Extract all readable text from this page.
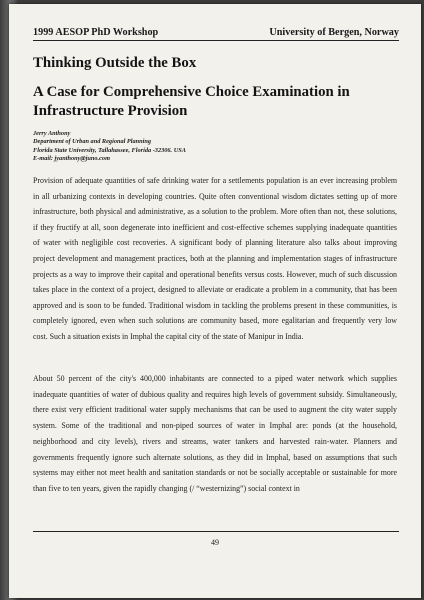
1999 AESOP PhD Workshop	University of Bergen, Norway
Thinking Outside the Box
A Case for Comprehensive Choice Examination in Infrastructure Provision
Jerry Anthony
Department of Urban and Regional Planning
Florida State University, Tallahassee, Florida -32306. USA
E-mail: jyanthony@juno.com
Provision of adequate quantities of safe drinking water for a settlements population is an ever increasing problem in all urbanizing contexts in developing countries. Quite often conventional wisdom dictates setting up of more infrastructure, both physical and administrative, as a solution to the problem. More often than not, these solutions, if they fructify at all, soon degenerate into inefficient and cost-effective schemes supplying inadequate quantities of water with negligible cost recoveries. A significant body of planning literature also talks about improving project development and management practices, both at the planning and implementation stages of infrastructure projects as a way to improve their capital and operational benefits versus costs. However, much of such discussion takes place in the context of a project, designed to alleviate or eradicate a problem in a community, that has been approved and is soon to be funded. Traditional wisdom in tackling the problems present in these communities, is completely ignored, even when such solutions are community based, more egalitarian and frequently very low cost. Such a situation exists in Imphal the capital city of the state of Manipur in India.
About 50 percent of the city's 400,000 inhabitants are connected to a piped water network which supplies inadequate quantities of water of dubious quality and requires high levels of government subsidy. Simultaneously, there exist very efficient traditional water supply mechanisms that can be used to augment the city water supply system. Some of the traditional and non-piped sources of water in Imphal are: ponds (at the household, neighborhood and city levels), rivers and streams, water tankers and harvested rain-water. Planners and governments frequently ignore such alternate solutions, as they did in Imphal, based on assumptions that such systems may either not meet health and sanitation standards or not be socially acceptable or sustainable for more than five to ten years, given the rapidly changing (/ “westernizing”) social context in
49
